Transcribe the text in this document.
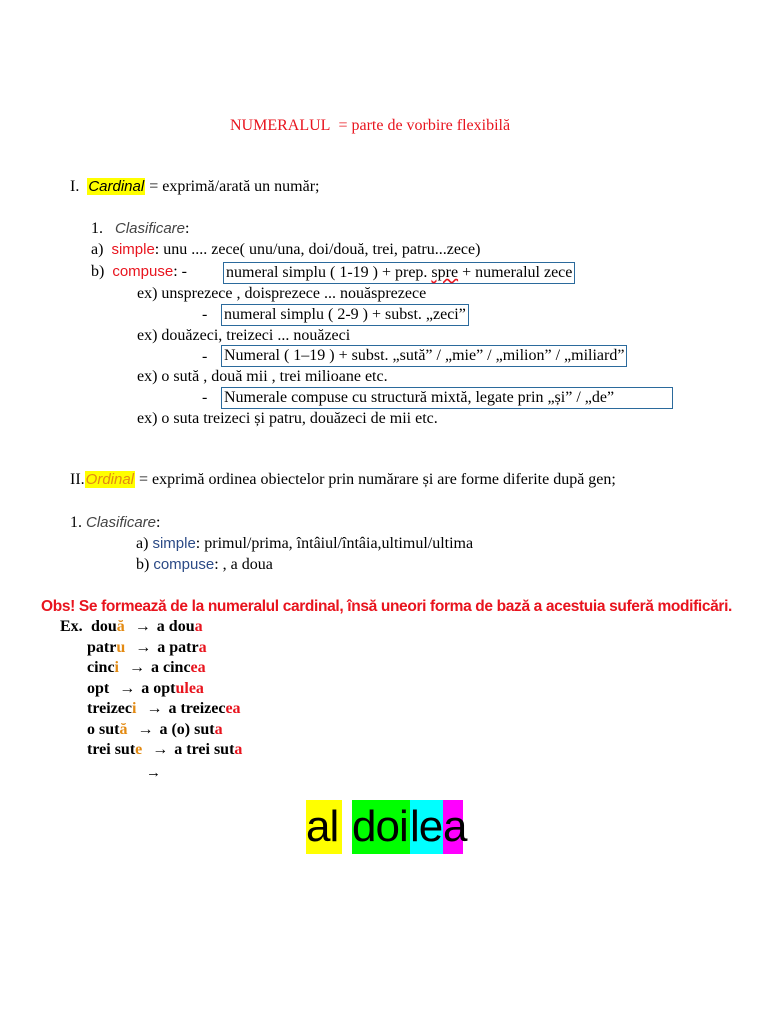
NUMERALUL = parte de vorbire flexibilă
I. Cardinal = exprimă/arată un număr;
1. Clasificare:
a) simple: unu .... zece( unu/una, doi/două, trei, patru...zece)
b) compuse: - numeral simplu ( 1-19 ) + prep. spre + numeralul zece
ex) unsprezece , doisprezece ... nouăsprezece
- numeral simplu ( 2-9 ) + subst. „zeci”
ex) douăzeci, treizeci ... nouăzeci
- Numeral ( 1–19 ) + subst. „sută” / „mie” / „milion” / „miliard”
ex) o sută , două mii , trei milioane etc.
- Numerale compuse cu structură mixtă, legate prin „și” / „de”
ex) o suta treizeci și patru, douăzeci de mii etc.
II.Ordinal = exprimă ordinea obiectelor prin numărare și are forme diferite după gen;
1. Clasificare:
a) simple: primul/prima, întâiul/întâia,ultimul/ultima
b) compuse: , a doua
Obs! Se formează de la numeralul cardinal, însă uneori forma de bază a acestuia suferă modificări.
Ex. două → a doua
patru → a patra
cinci → a cincea
opt → a optulea
treizeci → a treizecea
o sută → a (o) suta
trei sute → a trei suta
→
al doilea
